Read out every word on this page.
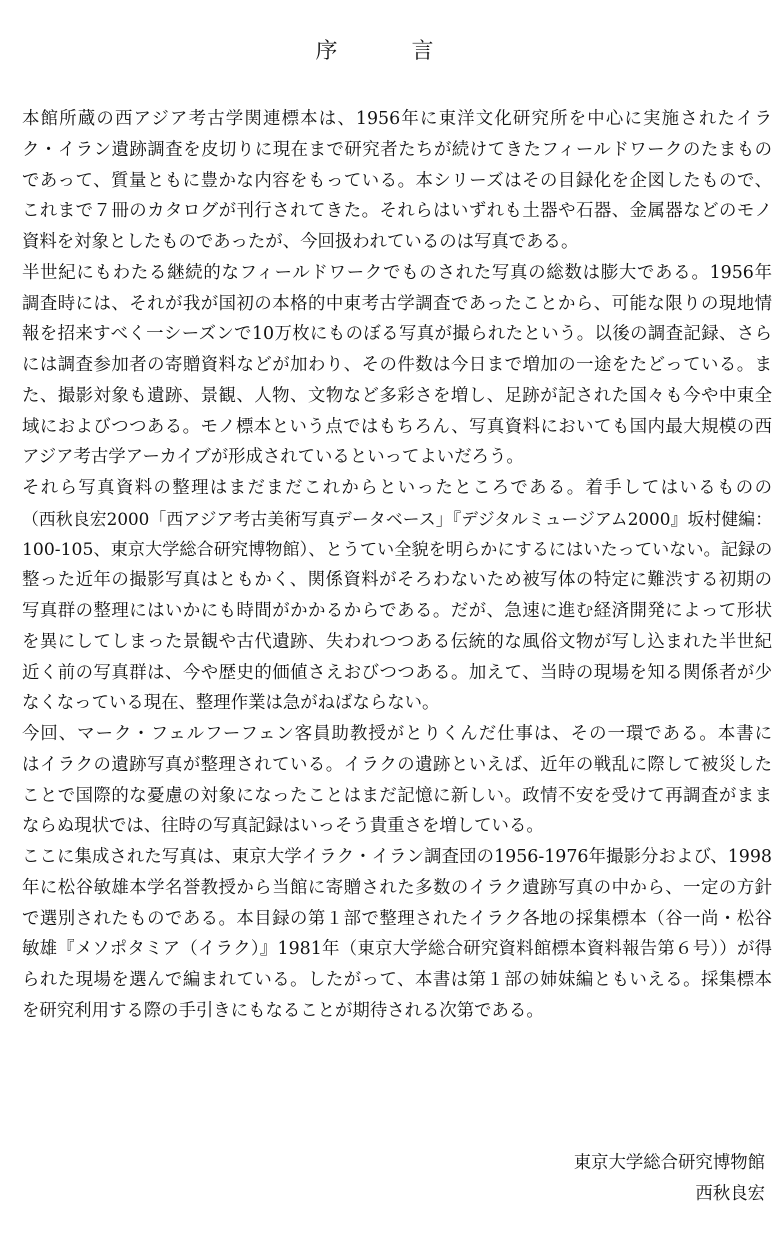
序　言
本館所蔵の西アジア考古学関連標本は、1956年に東洋文化研究所を中心に実施されたイラ
ク・イラン遺跡調査を皮切りに現在まで研究者たちが続けてきたフィールドワークのたまもの
であって、質量ともに豊かな内容をもっている。本シリーズはその目録化を企図したもので、
これまで７冊のカタログが刊行されてきた。それらはいずれも土器や石器、金属器などのモノ
資料を対象としたものであったが、今回扱われているのは写真である。
半世紀にもわたる継続的なフィールドワークでものされた写真の総数は膨大である。1956年
調査時には、それが我が国初の本格的中東考古学調査であったことから、可能な限りの現地情
報を招来すべく一シーズンで10万枚にものぼる写真が撮られたという。以後の調査記録、さら
には調査参加者の寄贈資料などが加わり、その件数は今日まで増加の一途をたどっている。ま
た、撮影対象も遺跡、景観、人物、文物など多彩さを増し、足跡が記された国々も今や中東全
域におよびつつある。モノ標本という点ではもちろん、写真資料においても国内最大規模の西
アジア考古学アーカイブが形成されているといってよいだろう。
それら写真資料の整理はまだまだこれからといったところである。着手してはいるものの
（西秋良宏2000「西アジア考古美術写真データベース」『デジタルミュージアム2000』坂村健編：
100-105、東京大学総合研究博物館）、とうてい全貌を明らかにするにはいたっていない。記録の
整った近年の撮影写真はともかく、関係資料がそろわないため被写体の特定に難渋する初期の
写真群の整理にはいかにも時間がかかるからである。だが、急速に進む経済開発によって形状
を異にしてしまった景観や古代遺跡、失われつつある伝統的な風俗文物が写し込まれた半世紀
近く前の写真群は、今や歴史的価値さえおびつつある。加えて、当時の現場を知る関係者が少
なくなっている現在、整理作業は急がねばならない。
今回、マーク・フェルフーフェン客員助教授がとりくんだ仕事は、その一環である。本書に
はイラクの遺跡写真が整理されている。イラクの遺跡といえば、近年の戦乱に際して被災した
ことで国際的な憂慮の対象になったことはまだ記憶に新しい。政情不安を受けて再調査がまま
ならぬ現状では、往時の写真記録はいっそう貴重さを増している。
ここに集成された写真は、東京大学イラク・イラン調査団の1956-1976年撮影分および、1998
年に松谷敏雄本学名誉教授から当館に寄贈された多数のイラク遺跡写真の中から、一定の方針
で選別されたものである。本目録の第１部で整理されたイラク各地の採集標本（谷一尚・松谷
敏雄『メソポタミア（イラク）』1981年（東京大学総合研究資料館標本資料報告第６号））が得
られた現場を選んで編まれている。したがって、本書は第１部の姉妹編ともいえる。採集標本
を研究利用する際の手引きにもなることが期待される次第である。
東京大学総合研究博物館
西秋良宏
